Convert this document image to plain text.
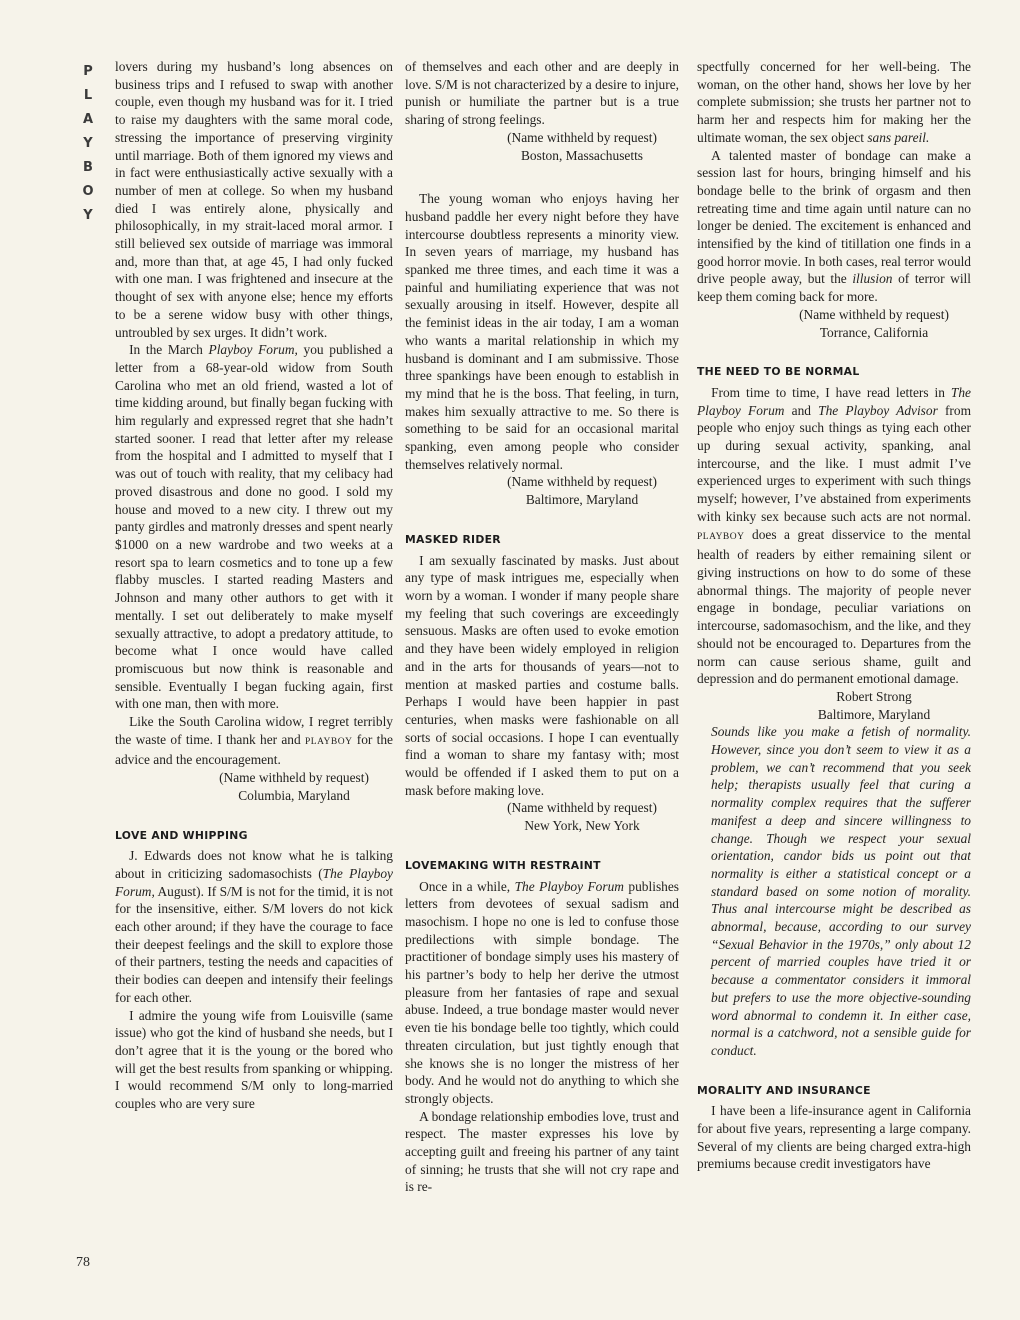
P
L
A
Y
B
O
Y
78

lovers during my husband’s long absences on business trips and I refused to swap with another couple, even though my husband was for it. I tried to raise my daughters with the same moral code, stressing the importance of preserving virginity until marriage. Both of them ignored my views and in fact were enthusiastically active sexually with a number of men at college. So when my husband died I was entirely alone, physically and philosophically, in my strait-laced moral armor. I still believed sex outside of marriage was immoral and, more than that, at age 45, I had only fucked with one man. I was frightened and insecure at the thought of sex with anyone else; hence my efforts to be a serene widow busy with other things, untroubled by sex urges. It didn’t work.

In the March Playboy Forum, you published a letter from a 68-year-old widow from South Carolina who met an old friend, wasted a lot of time kidding around, but finally began fucking with him regularly and expressed regret that she hadn’t started sooner. I read that letter after my release from the hospital and I admitted to myself that I was out of touch with reality, that my celibacy had proved disastrous and done no good. I sold my house and moved to a new city. I threw out my panty girdles and matronly dresses and spent nearly $1000 on a new wardrobe and two weeks at a resort spa to learn cosmetics and to tone up a few flabby muscles. I started reading Masters and Johnson and many other authors to get with it mentally. I set out deliberately to make myself sexually attractive, to adopt a predatory attitude, to become what I once would have called promiscuous but now think is reasonable and sensible. Eventually I began fucking again, first with one man, then with more.

Like the South Carolina widow, I regret terribly the waste of time. I thank her and PLAYBOY for the advice and the encouragement.

(Name withheld by request)

Columbia, Maryland

LOVE AND WHIPPING

J. Edwards does not know what he is talking about in criticizing sadomasochists (The Playboy Forum, August). If S/M is not for the timid, it is not for the insensitive, either. S/M lovers do not kick each other around; if they have the courage to face their deepest feelings and the skill to explore those of their partners, testing the needs and capacities of their bodies can deepen and intensify their feelings for each other.

I admire the young wife from Louisville (same issue) who got the kind of husband she needs, but I don’t agree that it is the young or the bored who will get the best results from spanking or whipping. I would recommend S/M only to long-married couples who are very sure

of themselves and each other and are deeply in love. S/M is not characterized by a desire to injure, punish or humiliate the partner but is a true sharing of strong feelings.

(Name withheld by request)

Boston, Massachusetts

The young woman who enjoys having her husband paddle her every night before they have intercourse doubtless represents a minority view. In seven years of marriage, my husband has spanked me three times, and each time it was a painful and humiliating experience that was not sexually arousing in itself. However, despite all the feminist ideas in the air today, I am a woman who wants a marital relationship in which my husband is dominant and I am submissive. Those three spankings have been enough to establish in my mind that he is the boss. That feeling, in turn, makes him sexually attractive to me. So there is something to be said for an occasional marital spanking, even among people who consider themselves relatively normal.

(Name withheld by request)

Baltimore, Maryland

MASKED RIDER

I am sexually fascinated by masks. Just about any type of mask intrigues me, especially when worn by a woman. I wonder if many people share my feeling that such coverings are exceedingly sensuous. Masks are often used to evoke emotion and they have been widely employed in religion and in the arts for thousands of years—not to mention at masked parties and costume balls. Perhaps I would have been happier in past centuries, when masks were fashionable on all sorts of social occasions. I hope I can eventually find a woman to share my fantasy with; most would be offended if I asked them to put on a mask before making love.

(Name withheld by request)

New York, New York

LOVEMAKING WITH RESTRAINT

Once in a while, The Playboy Forum publishes letters from devotees of sexual sadism and masochism. I hope no one is led to confuse those predilections with simple bondage. The practitioner of bondage simply uses his mastery of his partner’s body to help her derive the utmost pleasure from her fantasies of rape and sexual abuse. Indeed, a true bondage master would never even tie his bondage belle too tightly, which could threaten circulation, but just tightly enough that she knows she is no longer the mistress of her body. And he would not do anything to which she strongly objects.

A bondage relationship embodies love, trust and respect. The master expresses his love by accepting guilt and freeing his partner of any taint of sinning; he trusts that she will not cry rape and is re-

spectfully concerned for her well-being. The woman, on the other hand, shows her love by her complete submission; she trusts her partner not to harm her and respects him for making her the ultimate woman, the sex object sans pareil.

A talented master of bondage can make a session last for hours, bringing himself and his bondage belle to the brink of orgasm and then retreating time and time again until nature can no longer be denied. The excitement is enhanced and intensified by the kind of titillation one finds in a good horror movie. In both cases, real terror would drive people away, but the illusion of terror will keep them coming back for more.

(Name withheld by request)

Torrance, California

THE NEED TO BE NORMAL

From time to time, I have read letters in The Playboy Forum and The Playboy Advisor from people who enjoy such things as tying each other up during sexual activity, spanking, anal intercourse, and the like. I must admit I’ve experienced urges to experiment with such things myself; however, I’ve abstained from experiments with kinky sex because such acts are not normal. PLAYBOY does a great disservice to the mental health of readers by either remaining silent or giving instructions on how to do some of these abnormal things. The majority of people never engage in bondage, peculiar variations on intercourse, sadomasochism, and the like, and they should not be encouraged to. Departures from the norm can cause serious shame, guilt and depression and do permanent emotional damage.

Robert Strong

Baltimore, Maryland

Sounds like you make a fetish of normality. However, since you don’t seem to view it as a problem, we can’t recommend that you seek help; therapists usually feel that curing a normality complex requires that the sufferer manifest a deep and sincere willingness to change. Though we respect your sexual orientation, candor bids us point out that normality is either a statistical concept or a standard based on some notion of morality. Thus anal intercourse might be described as abnormal, because, according to our survey “Sexual Behavior in the 1970s,” only about 12 percent of married couples have tried it or because a commentator considers it immoral but prefers to use the more objective-sounding word abnormal to condemn it. In either case, normal is a catchword, not a sensible guide for conduct.

MORALITY AND INSURANCE

I have been a life-insurance agent in California for about five years, representing a large company. Several of my clients are being charged extra-high premiums because credit investigators have
